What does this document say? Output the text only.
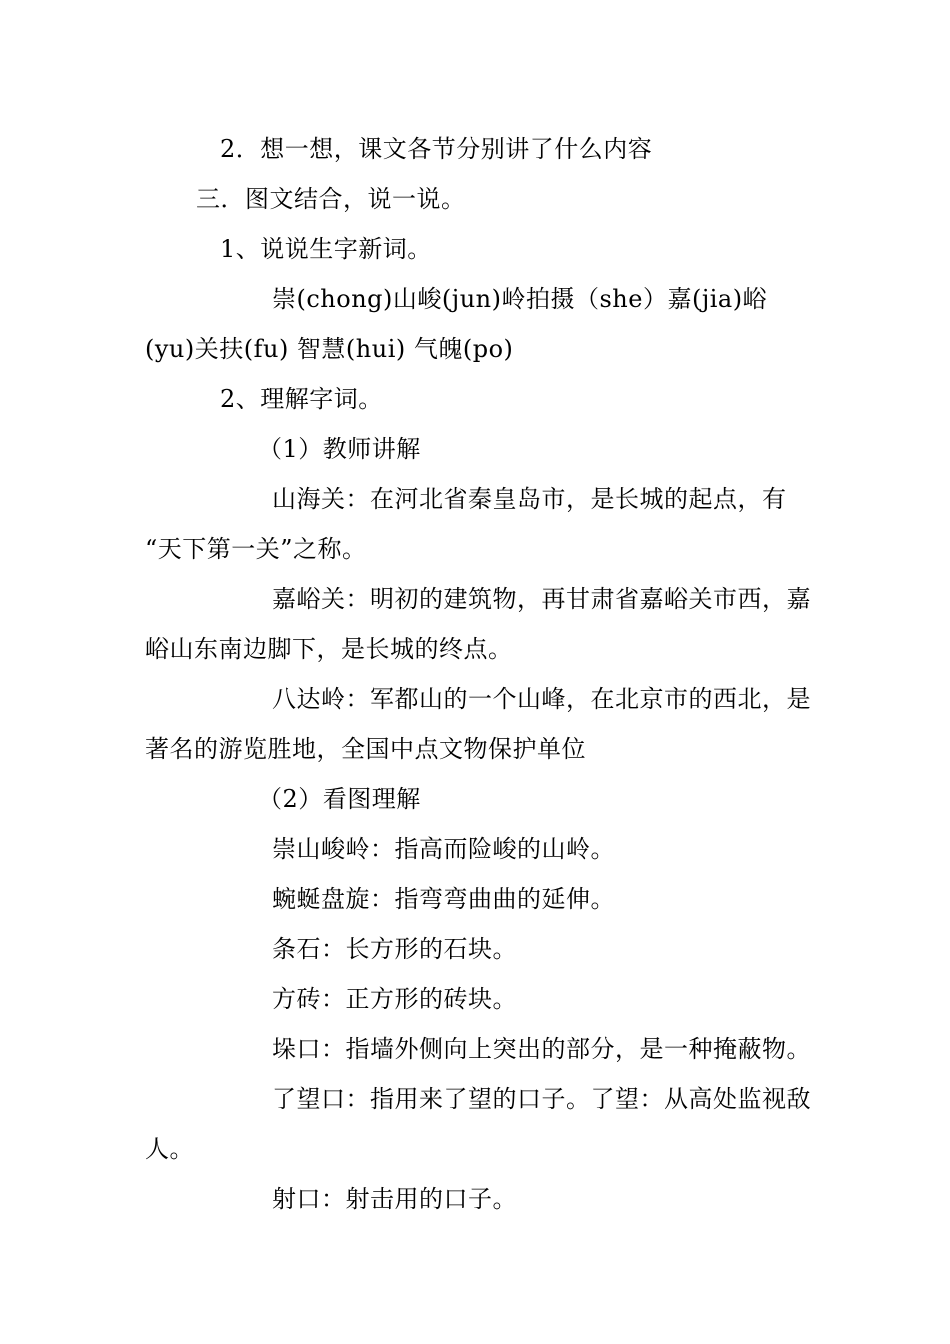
2．想一想，课文各节分别讲了什么内容
三．图文结合，说一说。
1、说说生字新词。
崇(chong)山峻(jun)岭拍摄（she）嘉(jia)峪
(yu)关扶(fu) 智慧(hui) 气魄(po)
2、理解字词。
（1）教师讲解
山海关：在河北省秦皇岛市，是长城的起点，有
“天下第一关”之称。
嘉峪关：明初的建筑物，再甘肃省嘉峪关市西，嘉
峪山东南边脚下，是长城的终点。
八达岭：军都山的一个山峰，在北京市的西北，是
著名的游览胜地，全国中点文物保护单位
（2）看图理解
崇山峻岭：指高而险峻的山岭。
蜿蜒盘旋：指弯弯曲曲的延伸。
条石：长方形的石块。
方砖：正方形的砖块。
垛口：指墙外侧向上突出的部分，是一种掩蔽物。
了望口：指用来了望的口子。了望：从高处监视敌
人。
射口：射击用的口子。
